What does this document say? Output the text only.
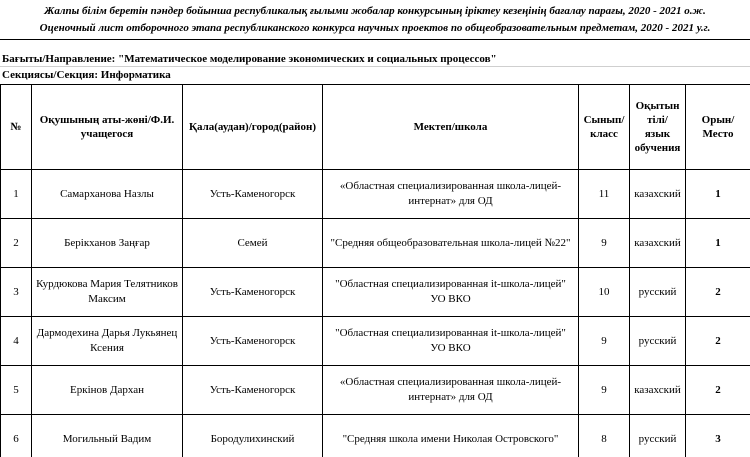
Жалпы білім беретін пәндер бойынша республикалық ғылыми жобалар конкурсының іріктеу кезеңінің бағалау парағы, 2020 - 2021 о.ж.
Оценочный лист отборочного этапа республиканского конкурса научных проектов по общеобразовательным предметам, 2020 - 2021 у.г.
Бағыты/Направление: "Математическое моделирование экономических и социальных процессов"
Секциясы/Секция: Информатика
№	Оқушының аты-жөні/Ф.И. учащегося	Қала(аудан)/город(район)	Мектеп/школа	Сынып/ класс	Оқытын тілі/ язык обучения	Орын/ Место
1	Самарханова Назлы	Усть-Каменогорск	«Областная специализированная школа-лицей-интернат» для ОД	11	казахский	1
2	Берікханов Заңғар	Семей	"Средняя общеобразовательная школа-лицей №22"	9	казахский	1
3	Курдюкова Мария Телятников Максим	Усть-Каменогорск	"Областная специализированная it-школа-лицей" УО ВКО	10	русский	2
4	Дармодехина Дарья Лукьянец Ксения	Усть-Каменогорск	"Областная специализированная it-школа-лицей" УО ВКО	9	русский	2
5	Еркінов Дархан	Усть-Каменогорск	«Областная специализированная школа-лицей-интернат» для ОД	9	казахский	2
6	Могильный Вадим	Бородулихинский	"Средняя школа имени Николая Островского"	8	русский	3
